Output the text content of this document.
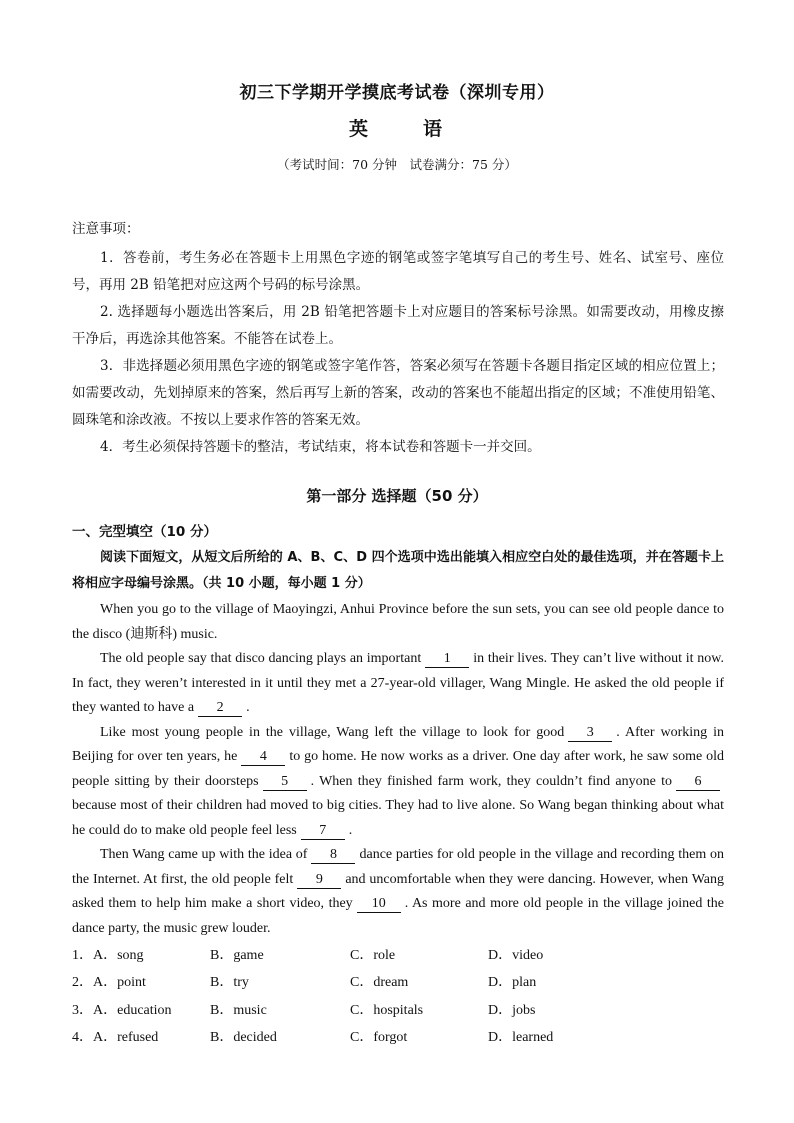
初三下学期开学摸底考试卷（深圳专用）
英	语
（考试时间：70 分钟　试卷满分：75 分）
注意事项：

1．答卷前，考生务必在答题卡上用黑色字迹的钢笔或签字笔填写自己的考生号、姓名、试室号、座位号，再用 2B 铅笔把对应这两个号码的标号涂黑。

2. 选择题每小题选出答案后，用 2B 铅笔把答题卡上对应题目的答案标号涂黑。如需要改动，用橡皮擦干净后，再选涂其他答案。不能答在试卷上。

3．非选择题必须用黑色字迹的钢笔或签字笔作答，答案必须写在答题卡各题目指定区域的相应位置上；如需要改动，先划掉原来的答案，然后再写上新的答案，改动的答案也不能超出指定的区域；不准使用铅笔、圆珠笔和涂改液。不按以上要求作答的答案无效。

4．考生必须保持答题卡的整洁，考试结束，将本试卷和答题卡一并交回。

第一部分 选择题（50 分）
一、完型填空（10 分）
阅读下面短文，从短文后所给的 A、B、C、D 四个选项中选出能填入相应空白处的最佳选项，并在答题卡上将相应字母编号涂黑。（共 10 小题，每小题 1 分）

When you go to the village of Maoyingzi, Anhui Province before the sun sets, you can see old people dance to the disco (迪斯科) music.

The old people say that disco dancing plays an important 1 in their lives. They can’t live without it now. In fact, they weren’t interested in it until they met a 27-year-old villager, Wang Mingle. He asked the old people if they wanted to have a 2 .

Like most young people in the village, Wang left the village to look for good 3 . After working in Beijing for over ten years, he 4 to go home. He now works as a driver. One day after work, he saw some old people sitting by their doorsteps 5 . When they finished farm work, they couldn’t find anyone to 6because most of their children had moved to big cities. They had to live alone. So Wang began thinking about what he could do to make old people feel less 7 .

Then Wang came up with the idea of 8 dance parties for old people in the village and recording them on the Internet. At first, the old people felt 9 and uncomfortable when they were dancing. However, when Wang asked them to help him make a short video, they 10 . As more and more old people in the village joined the dance party, the music grew louder.

1．A．song	B．game	C．role	D．video
2．A．point	B．try	C．dream	D．plan
3．A．education	B．music	C．hospitals	D．jobs
4．A．refused	B．decided	C．forgot	D．learned
